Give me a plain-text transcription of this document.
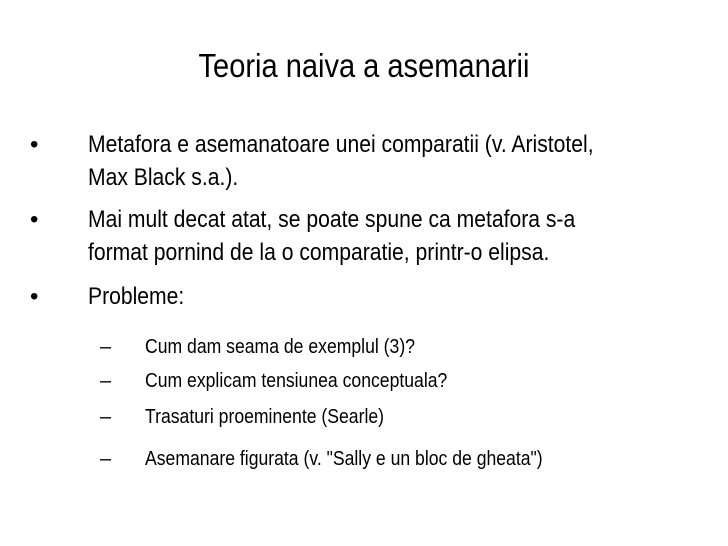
Teoria naiva a asemanarii
• Metafora e asemanatoare unei comparatii (v. Aristotel,
Max Black s.a.).
• Mai mult decat atat, se poate spune ca metafora s-a
format pornind de la o comparatie, printr-o elipsa.
• Probleme:
– Cum dam seama de exemplul (3)?
– Cum explicam tensiunea conceptuala?
– Trasaturi proeminente (Searle)
– Asemanare figurata (v. "Sally e un bloc de gheata")
